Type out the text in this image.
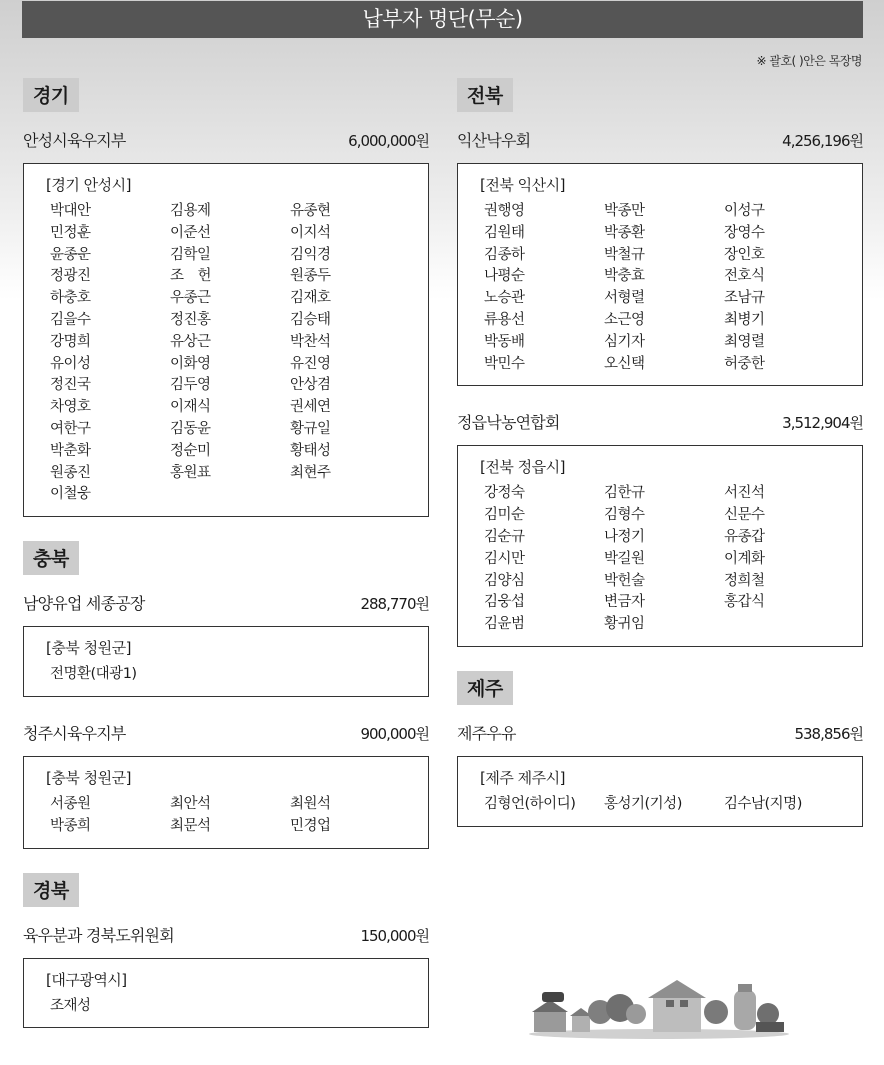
납부자 명단(무순)
※ 괄호( )안은 목장명
경기
안성시육우지부	6,000,000원
[경기 안성시]
박대안	김용제	유종현
민정훈	이준선	이지석
윤종운	김학일	김익경
정광진	조　헌	원종두
하충호	우종근	김재호
김을수	정진홍	김승태
강명희	유상근	박찬석
유이성	이화영	유진영
정진국	김두영	안상겸
차영호	이재식	권세연
여한구	김동윤	황규일
박춘화	정순미	황태성
원종진	홍원표	최현주
이철웅
충북
남양유업 세종공장	288,770원
[충북 청원군]
전명환(대광1)
청주시육우지부	900,000원
[충북 청원군]
서종원	최안석	최원석
박종희	최문석	민경업
경북
육우분과 경북도위원회	150,000원
[대구광역시]
조재성
전북
익산낙우회	4,256,196원
[전북 익산시]
권행영	박종만	이성구
김원태	박종환	장영수
김종하	박철규	장인호
나평순	박충효	전호식
노승관	서형렬	조남규
류용선	소근영	최병기
박동배	심기자	최영렬
박민수	오신택	허중한
정읍낙농연합회	3,512,904원
[전북 정읍시]
강정숙	김한규	서진석
김미순	김형수	신문수
김순규	나정기	유종갑
김시만	박길원	이계화
김양심	박헌술	정희철
김웅섭	변금자	홍갑식
김윤범	황귀임
제주
제주우유	538,856원
[제주 제주시]
김형언(하이디)	홍성기(기성)	김수남(지명)
